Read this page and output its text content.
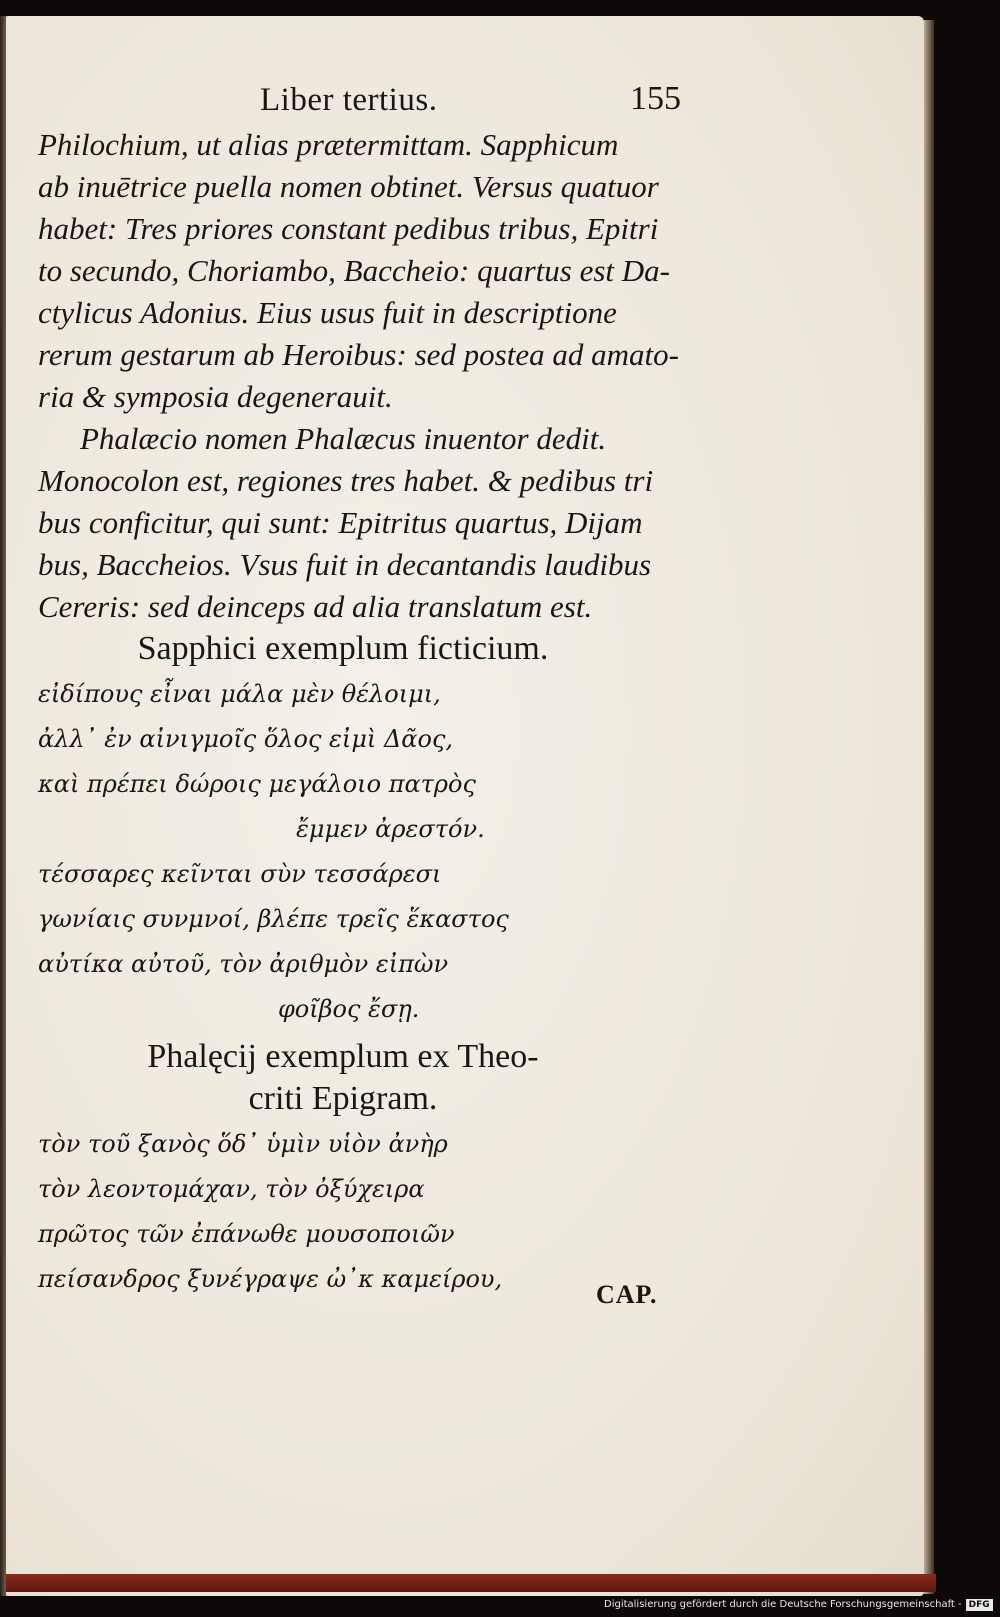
Liber tertius.	155
Philochium, ut alias prætermittam. Sapphicum
ab inuētrice puella nomen obtinet. Versus quatuor
habet: Tres priores constant pedibus tribus, Epitri
to secundo, Choriambo, Baccheio: quartus est Da-
ctylicus Adonius. Eius usus fuit in descriptione
rerum gestarum ab Heroibus: sed postea ad amato-
ria & symposia degenerauit.
Phalæcio nomen Phalæcus inuentor dedit.
Monocolon est, regiones tres habet. & pedibus tri
bus conficitur, qui sunt: Epitritus quartus, Dijam
bus, Baccheios. Vsus fuit in decantandis laudibus
Cereris: sed deinceps ad alia translatum est.
Sapphici exemplum ficticium.
εἰδίπους εἶναι μάλα μὲν θέλοιμι,
ἀλλ᾽ ἐν αἰνιγμοῖς ὅλος εἰμὶ Δᾶος,
καὶ πρέπει δώροις μεγάλοιο πατρὸς
ἔμμεν ἀρεστόν.
τέσσαρες κεῖνται σὺν τεσσάρεσι
γωνίαις συνμνοί, βλέπε τρεῖς ἕκαστος
αὐτίκα αὐτοῦ, τὸν ἀριθμὸν εἰπὼν
φοῖβος ἔσῃ.
Phalęcij exemplum ex Theo-
criti Epigram.
τὸν τοῦ ξανὸς ὅδ᾽ ὑμὶν υἱὸν ἀνὴρ
τὸν λεοντομάχαν, τὸν ὀξύχειρα
πρῶτος τῶν ἐπάνωθε μουσοποιῶν
πείσανδρος ξυνέγραψε ὠ᾽κ καμείρου,
CAP.
Digitalisierung gefördert durch die Deutsche Forschungsgemeinschaft - DFG
